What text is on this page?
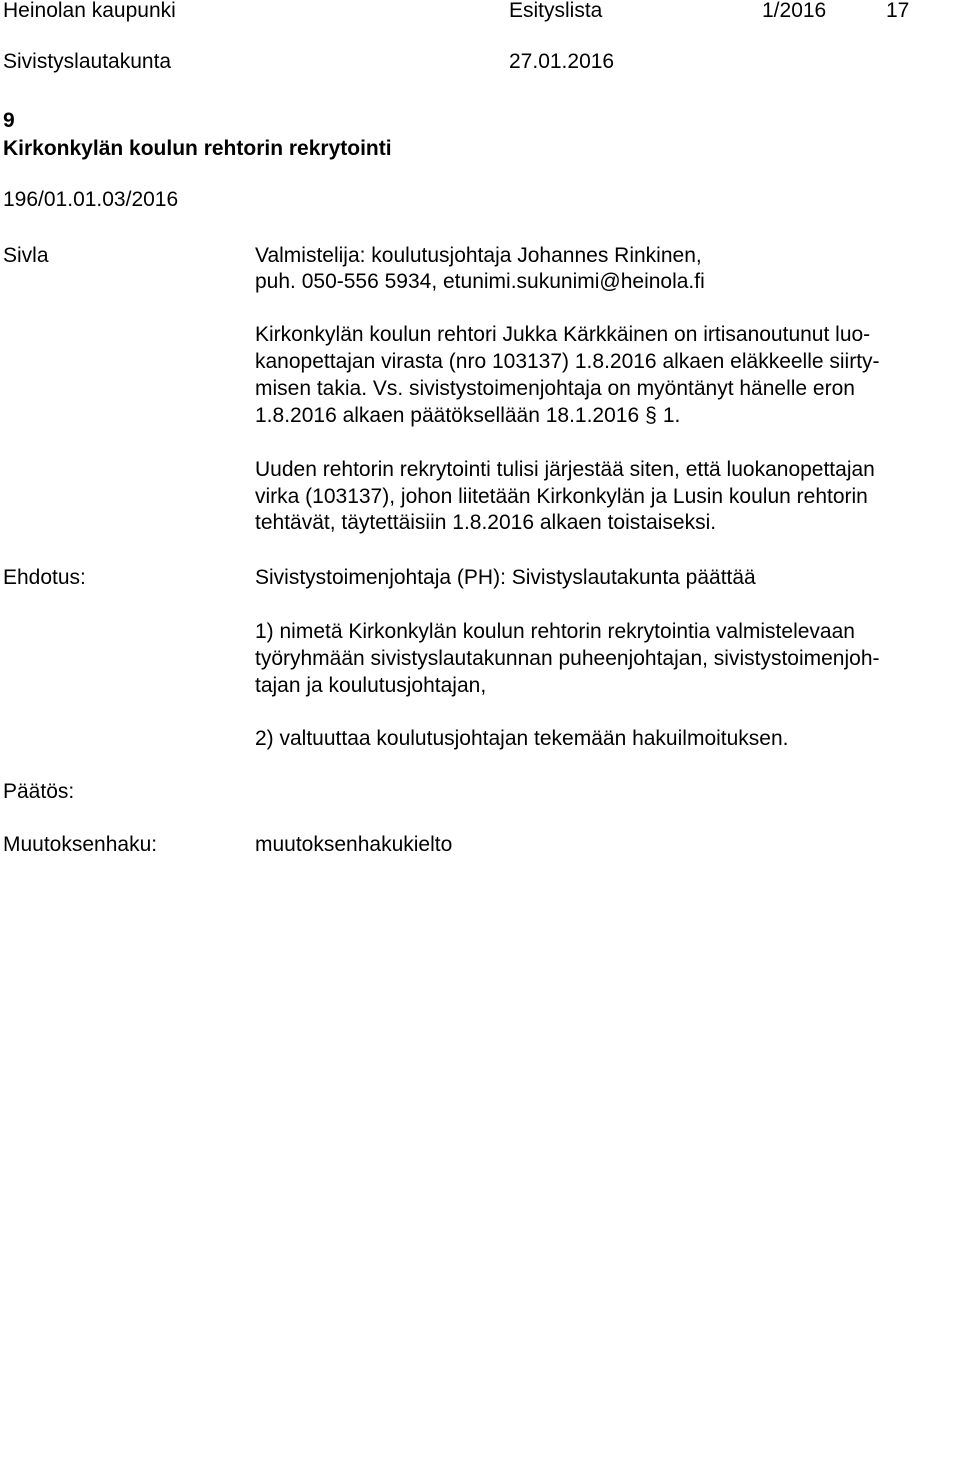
Heinolan kaupunki	Esityslista	1/2016	17
Sivistyslautakunta	27.01.2016
9
Kirkonkylän koulun rehtorin rekrytointi
196/01.01.03/2016
Sivla	Valmistelija: koulutusjohtaja Johannes Rinkinen,
puh. 050-556 5934, etunimi.sukunimi@heinola.fi
Kirkonkylän koulun rehtori Jukka Kärkkäinen on irtisanoutunut luo-
kanopettajan virasta (nro 103137) 1.8.2016 alkaen eläkkeelle siirty-
misen takia. Vs. sivistystoimenjohtaja on myöntänyt hänelle eron
1.8.2016 alkaen päätöksellään 18.1.2016 § 1.
Uuden rehtorin rekrytointi tulisi järjestää siten, että luokanopettajan
virka (103137), johon liitetään Kirkonkylän ja Lusin koulun rehtorin
tehtävät, täytettäisiin 1.8.2016 alkaen toistaiseksi.
Ehdotus:	Sivistystoimenjohtaja (PH): Sivistyslautakunta päättää
1) nimetä Kirkonkylän koulun rehtorin rekrytointia valmistelevaan
työryhmään sivistyslautakunnan puheenjohtajan, sivistystoimenjoh-
tajan ja koulutusjohtajan,
2) valtuuttaa koulutusjohtajan tekemään hakuilmoituksen.
Päätös:
Muutoksenhaku:	muutoksenhakukielto
